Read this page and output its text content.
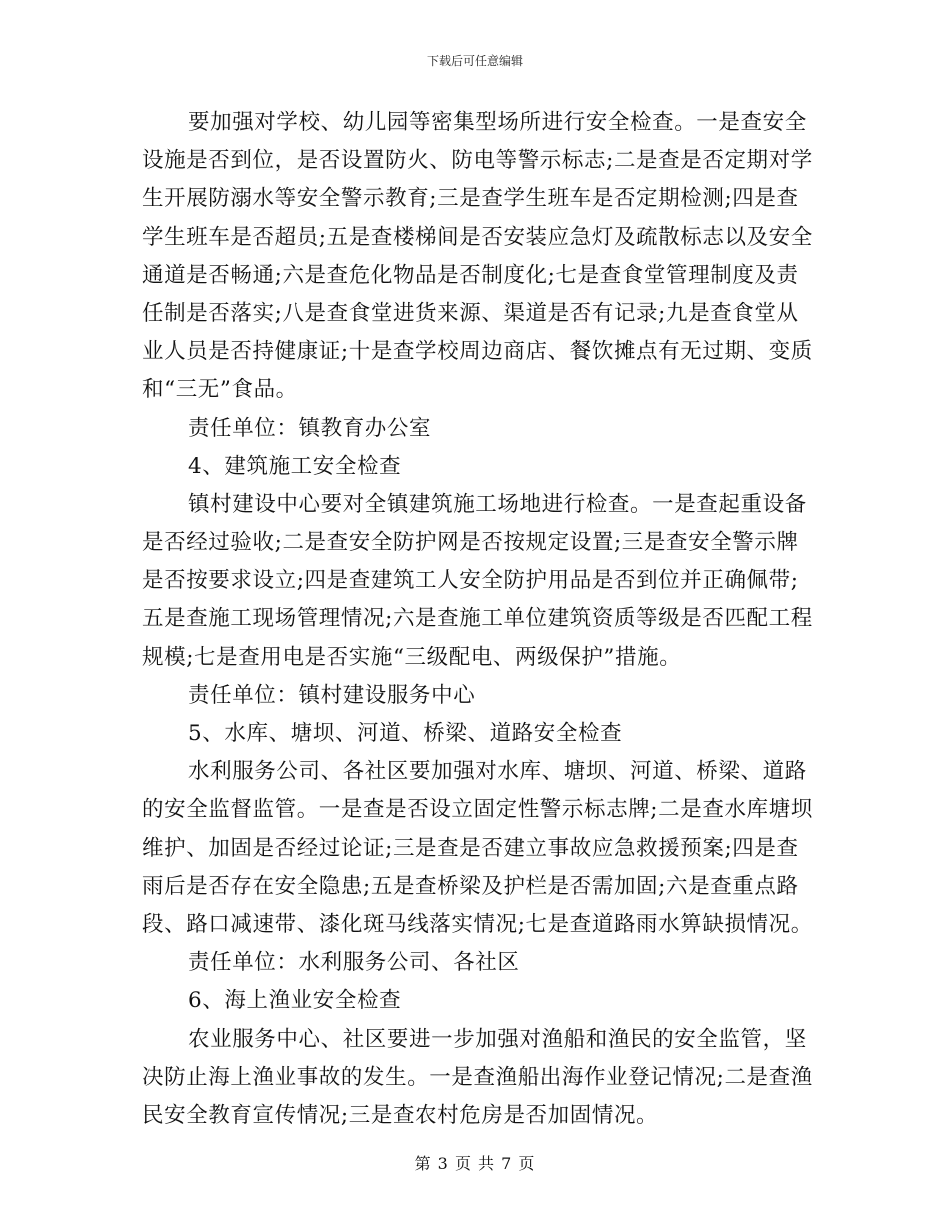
下载后可任意编辑
要加强对学校、幼儿园等密集型场所进行安全检查。一是查安全
设施是否到位，是否设置防火、防电等警示标志;二是查是否定期对学
生开展防溺水等安全警示教育;三是查学生班车是否定期检测;四是查
学生班车是否超员;五是查楼梯间是否安装应急灯及疏散标志以及安全
通道是否畅通;六是查危化物品是否制度化;七是查食堂管理制度及责
任制是否落实;八是查食堂进货来源、渠道是否有记录;九是查食堂从
业人员是否持健康证;十是查学校周边商店、餐饮摊点有无过期、变质
和“三无”食品。
责任单位：镇教育办公室
4、建筑施工安全检查
镇村建设中心要对全镇建筑施工场地进行检查。一是查起重设备
是否经过验收;二是查安全防护网是否按规定设置;三是查安全警示牌
是否按要求设立;四是查建筑工人安全防护用品是否到位并正确佩带;
五是查施工现场管理情况;六是查施工单位建筑资质等级是否匹配工程
规模;七是查用电是否实施“三级配电、两级保护”措施。
责任单位：镇村建设服务中心
5、水库、塘坝、河道、桥梁、道路安全检查
水利服务公司、各社区要加强对水库、塘坝、河道、桥梁、道路
的安全监督监管。一是查是否设立固定性警示标志牌;二是查水库塘坝
维护、加固是否经过论证;三是查是否建立事故应急救援预案;四是查
雨后是否存在安全隐患;五是查桥梁及护栏是否需加固;六是查重点路
段、路口减速带、漆化斑马线落实情况;七是查道路雨水箅缺损情况。
责任单位：水利服务公司、各社区
6、海上渔业安全检查
农业服务中心、社区要进一步加强对渔船和渔民的安全监管，坚
决防止海上渔业事故的发生。一是查渔船出海作业登记情况;二是查渔
民安全教育宣传情况;三是查农村危房是否加固情况。
第 3 页 共 7 页
